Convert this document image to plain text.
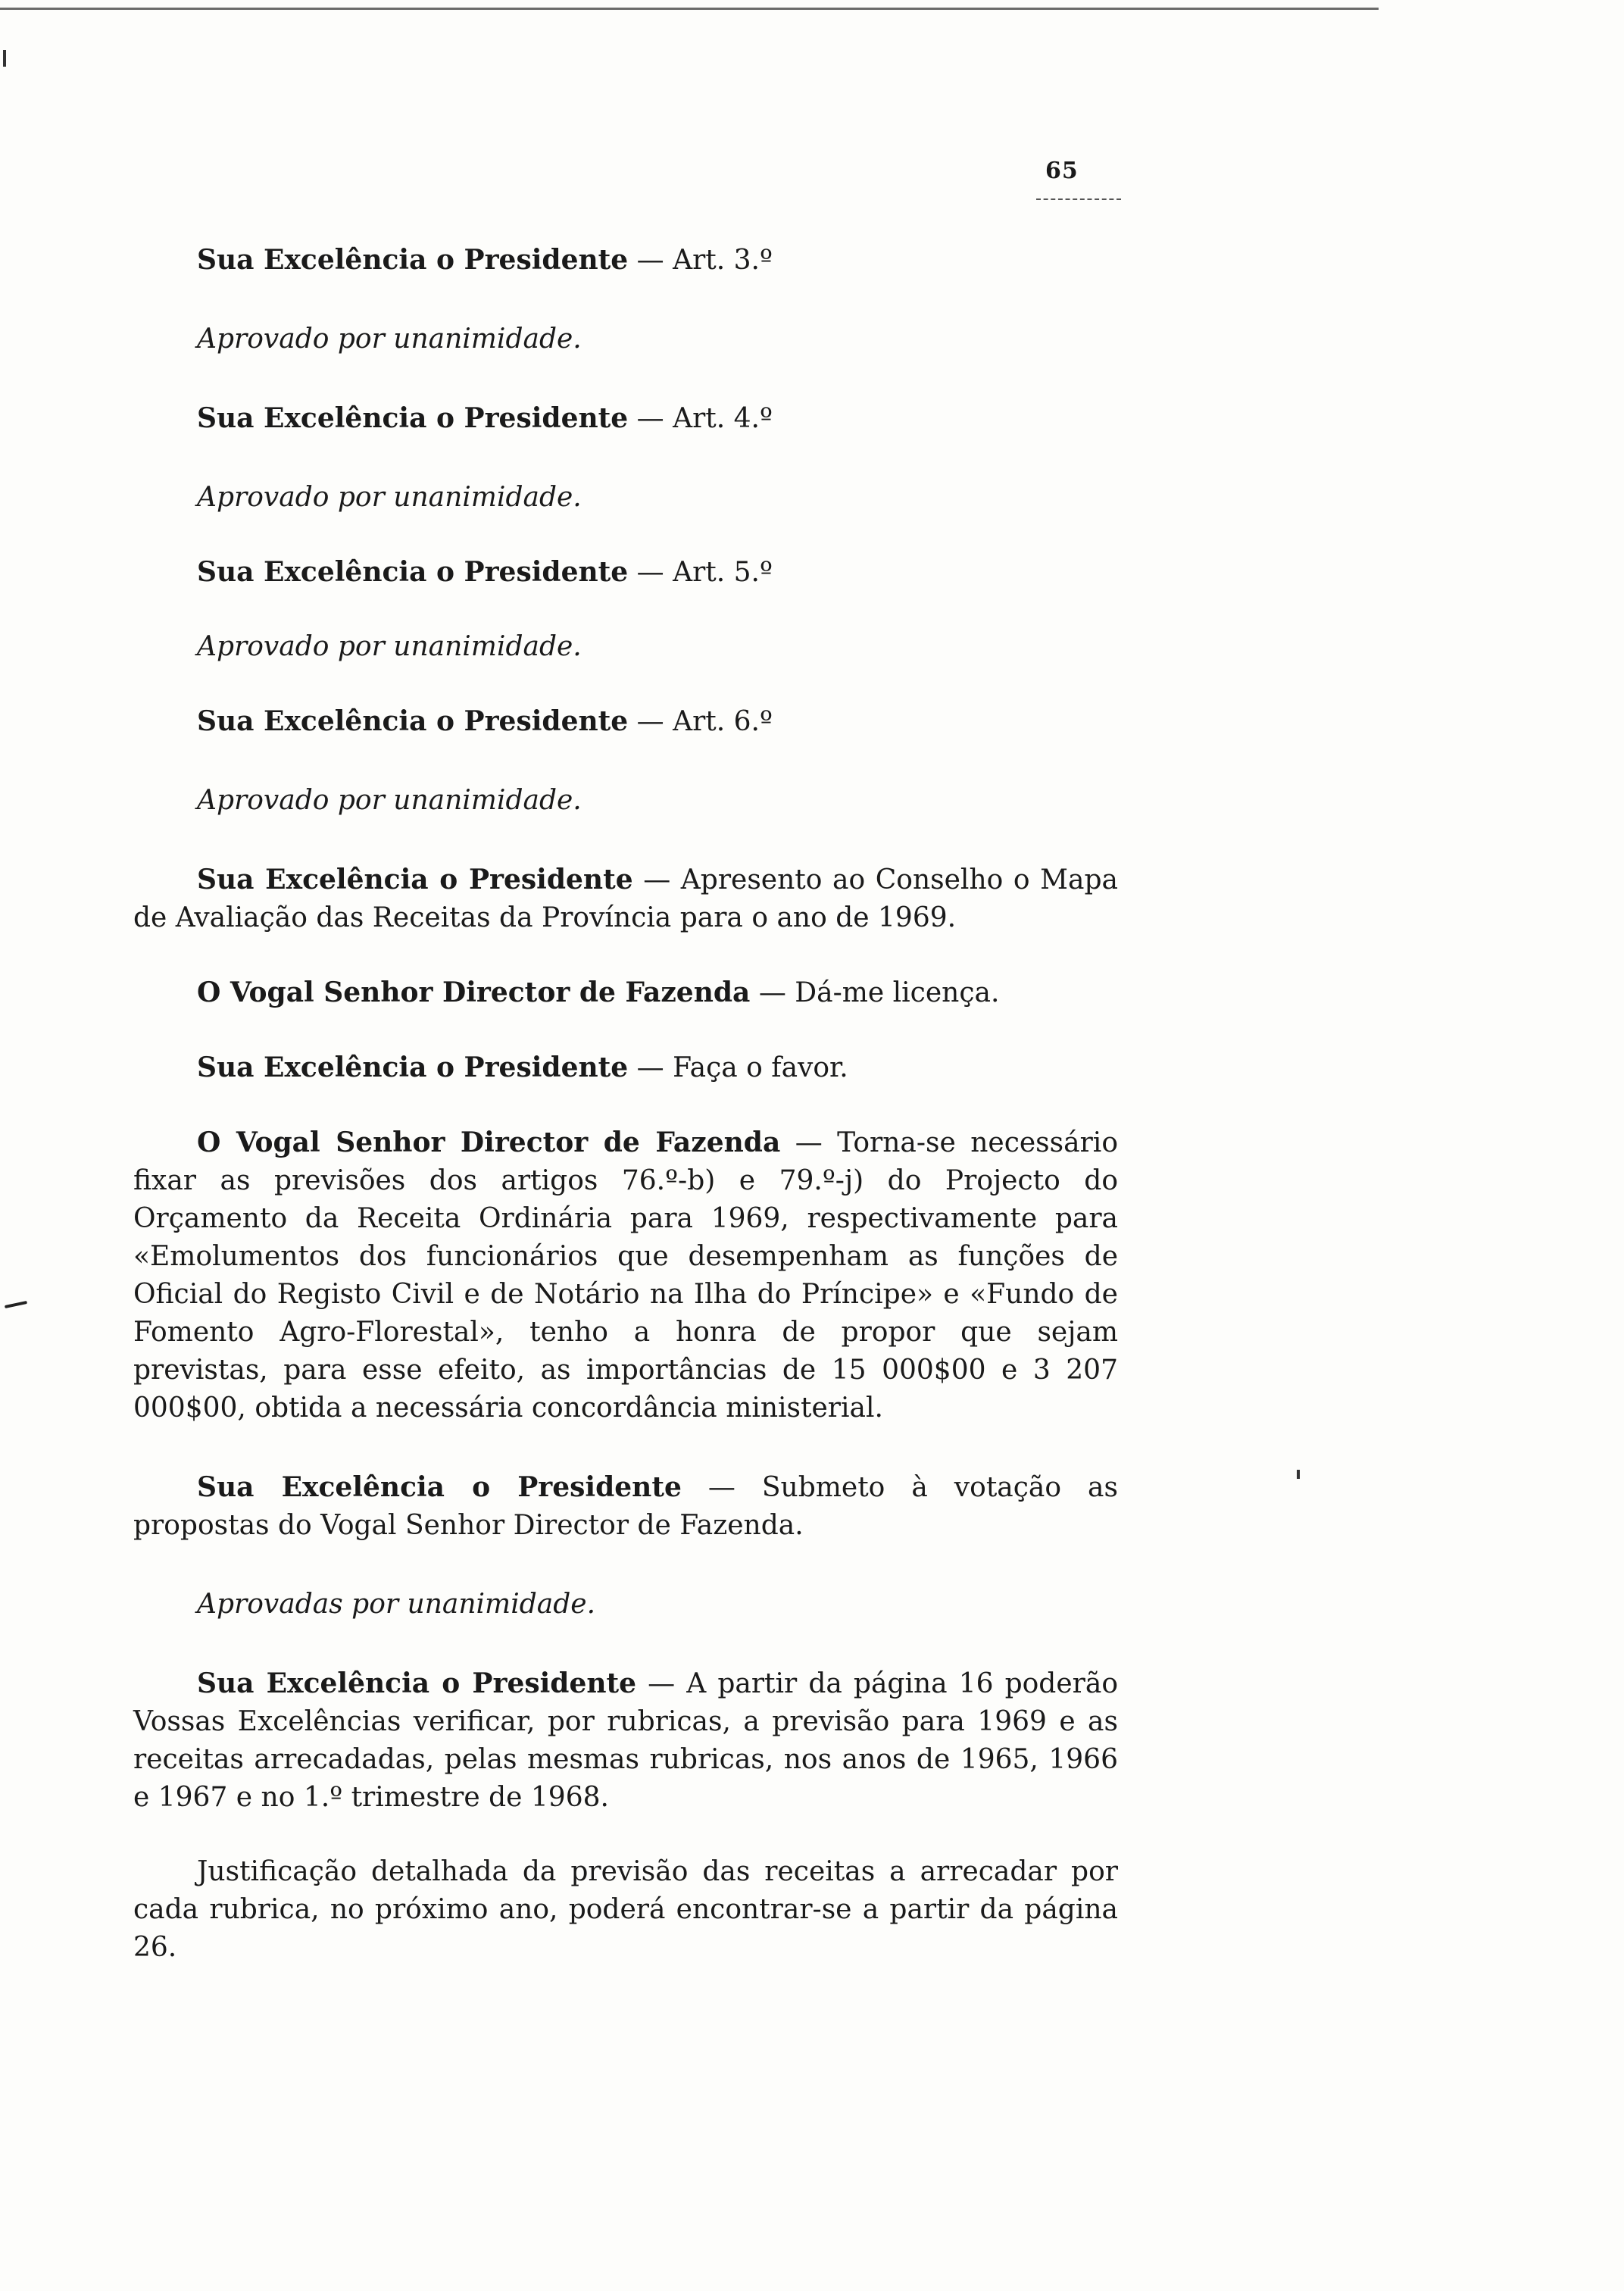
65

Sua Excelência o Presidente — Art. 3.º

Aprovado por unanimidade.

Sua Excelência o Presidente — Art. 4.º

Aprovado por unanimidade.

Sua Excelência o Presidente — Art. 5.º

Aprovado por unanimidade.

Sua Excelência o Presidente — Art. 6.º

Aprovado por unanimidade.

Sua Excelência o Presidente — Apresento ao Conselho o Mapa de Avaliação das Receitas da Província para o ano de 1969.

O Vogal Senhor Director de Fazenda — Dá-me licença.

Sua Excelência o Presidente — Faça o favor.

O Vogal Senhor Director de Fazenda — Torna-se necessário fixar as previsões dos artigos 76.º-b) e 79.º-j) do Projecto do Orçamento da Receita Ordinária para 1969, respectivamente para «Emolumentos dos funcionários que desempenham as funções de Oficial do Registo Civil e de Notário na Ilha do Príncipe» e «Fundo de Fomento Agro-Florestal», tenho a honra de propor que sejam previstas, para esse efeito, as importâncias de 15 000$00 e 3 207 000$00, obtida a necessária concordância ministerial.

Sua Excelência o Presidente — Submeto à votação as propostas do Vogal Senhor Director de Fazenda.

Aprovadas por unanimidade.

Sua Excelência o Presidente — A partir da página 16 poderão Vossas Excelências verificar, por rubricas, a previsão para 1969 e as receitas arrecadadas, pelas mesmas rubricas, nos anos de 1965, 1966 e 1967 e no 1.º trimestre de 1968.

Justificação detalhada da previsão das receitas a arrecadar por cada rubrica, no próximo ano, poderá encontrar-se a partir da página 26.
